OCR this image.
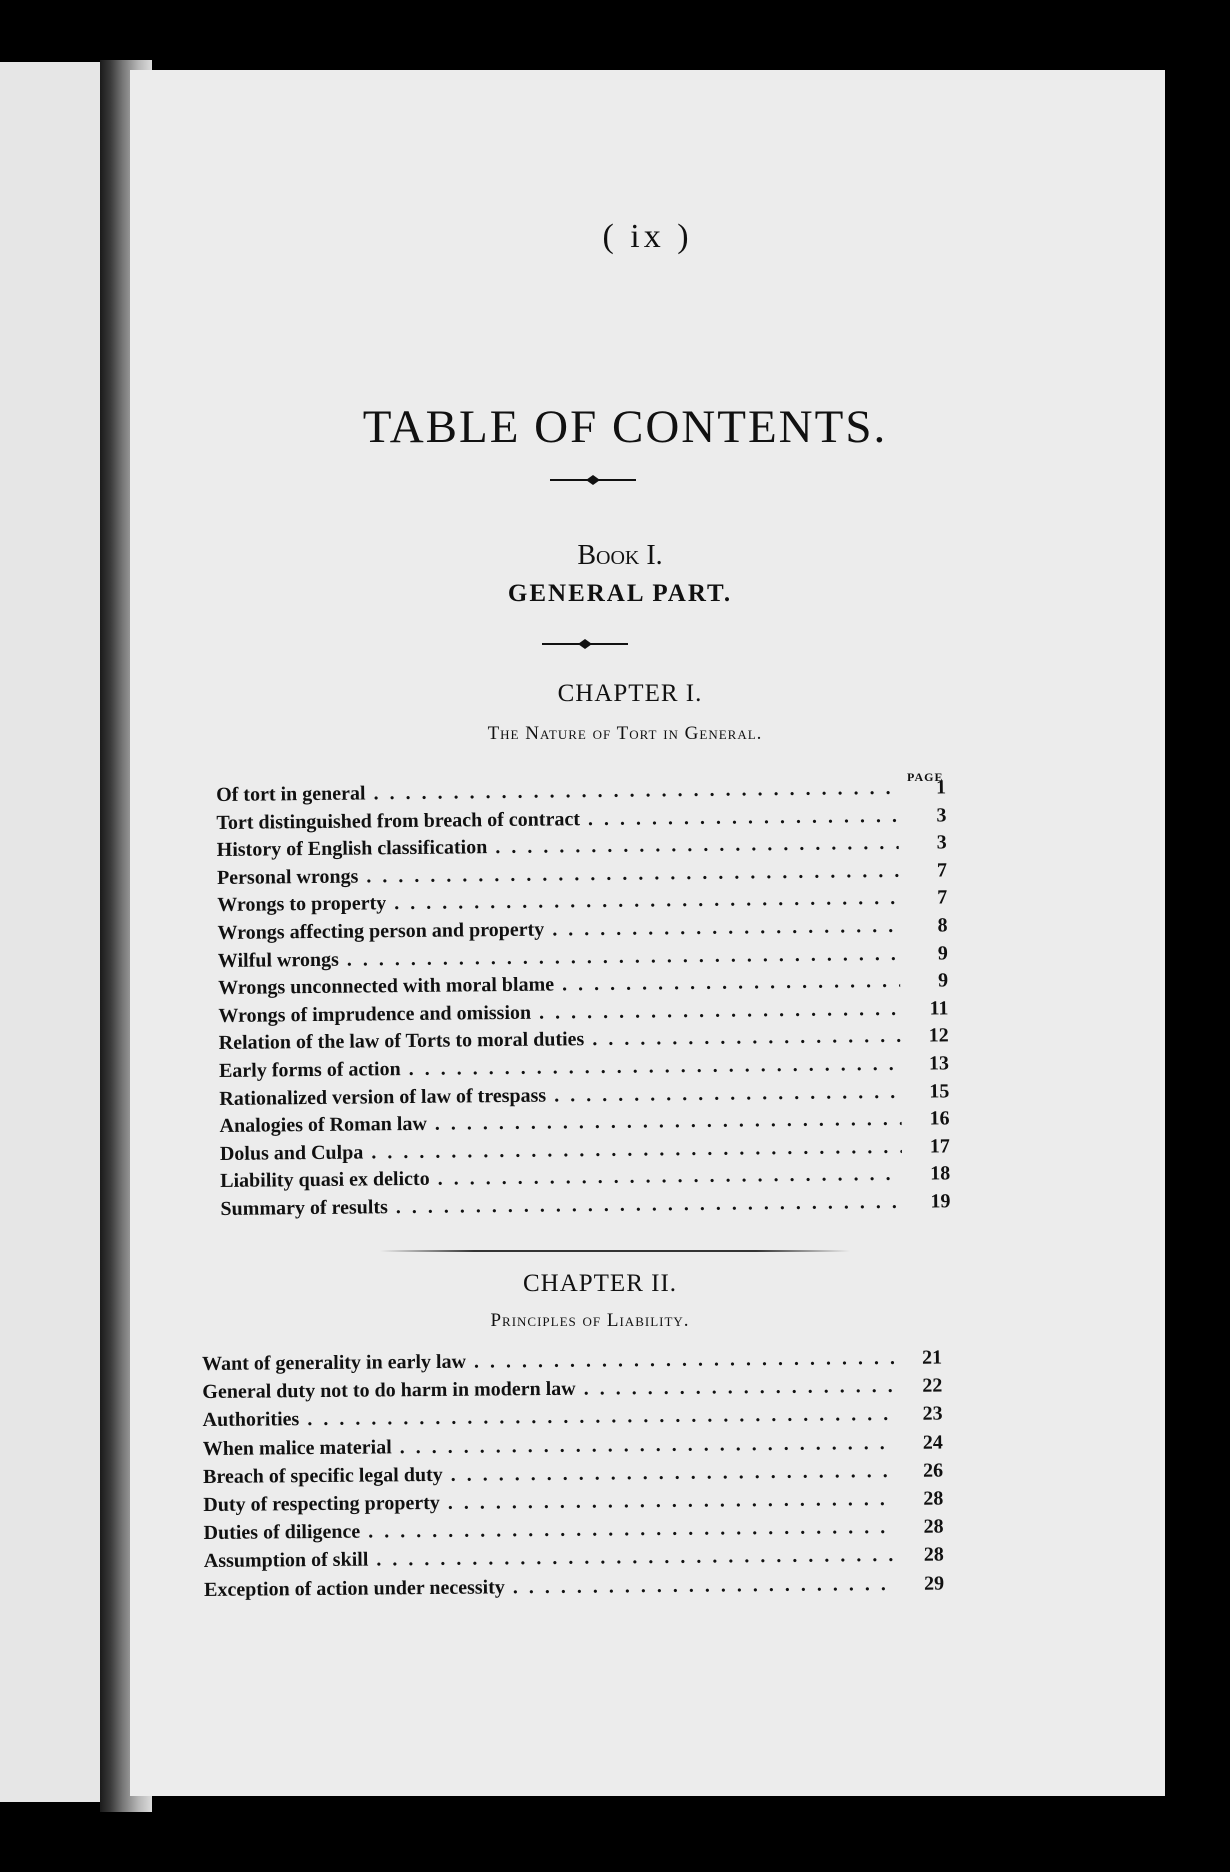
( ix )
TABLE OF CONTENTS.
Book I.
GENERAL PART.
CHAPTER I.
The Nature of Tort in General.
PAGE
Of tort in general . . .	1
Tort distinguished from breach of contract . . .	3
History of English classification . . .	3
Personal wrongs . . .	7
Wrongs to property . . .	7
Wrongs affecting person and property . . .	8
Wilful wrongs . . .	9
Wrongs unconnected with moral blame . . .	9
Wrongs of imprudence and omission . . .	11
Relation of the law of Torts to moral duties . . .	12
Early forms of action . . .	13
Rationalized version of law of trespass . . .	15
Analogies of Roman law . . .	16
Dolus and Culpa . . .	17
Liability quasi ex delicto . . .	18
Summary of results . . .	19
CHAPTER II.
Principles of Liability.
Want of generality in early law . . .	21
General duty not to do harm in modern law . . .	22
Authorities . . .	23
When malice material . . .	24
Breach of specific legal duty . . .	26
Duty of respecting property . . .	28
Duties of diligence . . .	28
Assumption of skill . . .	28
Exception of action under necessity . . .	29
